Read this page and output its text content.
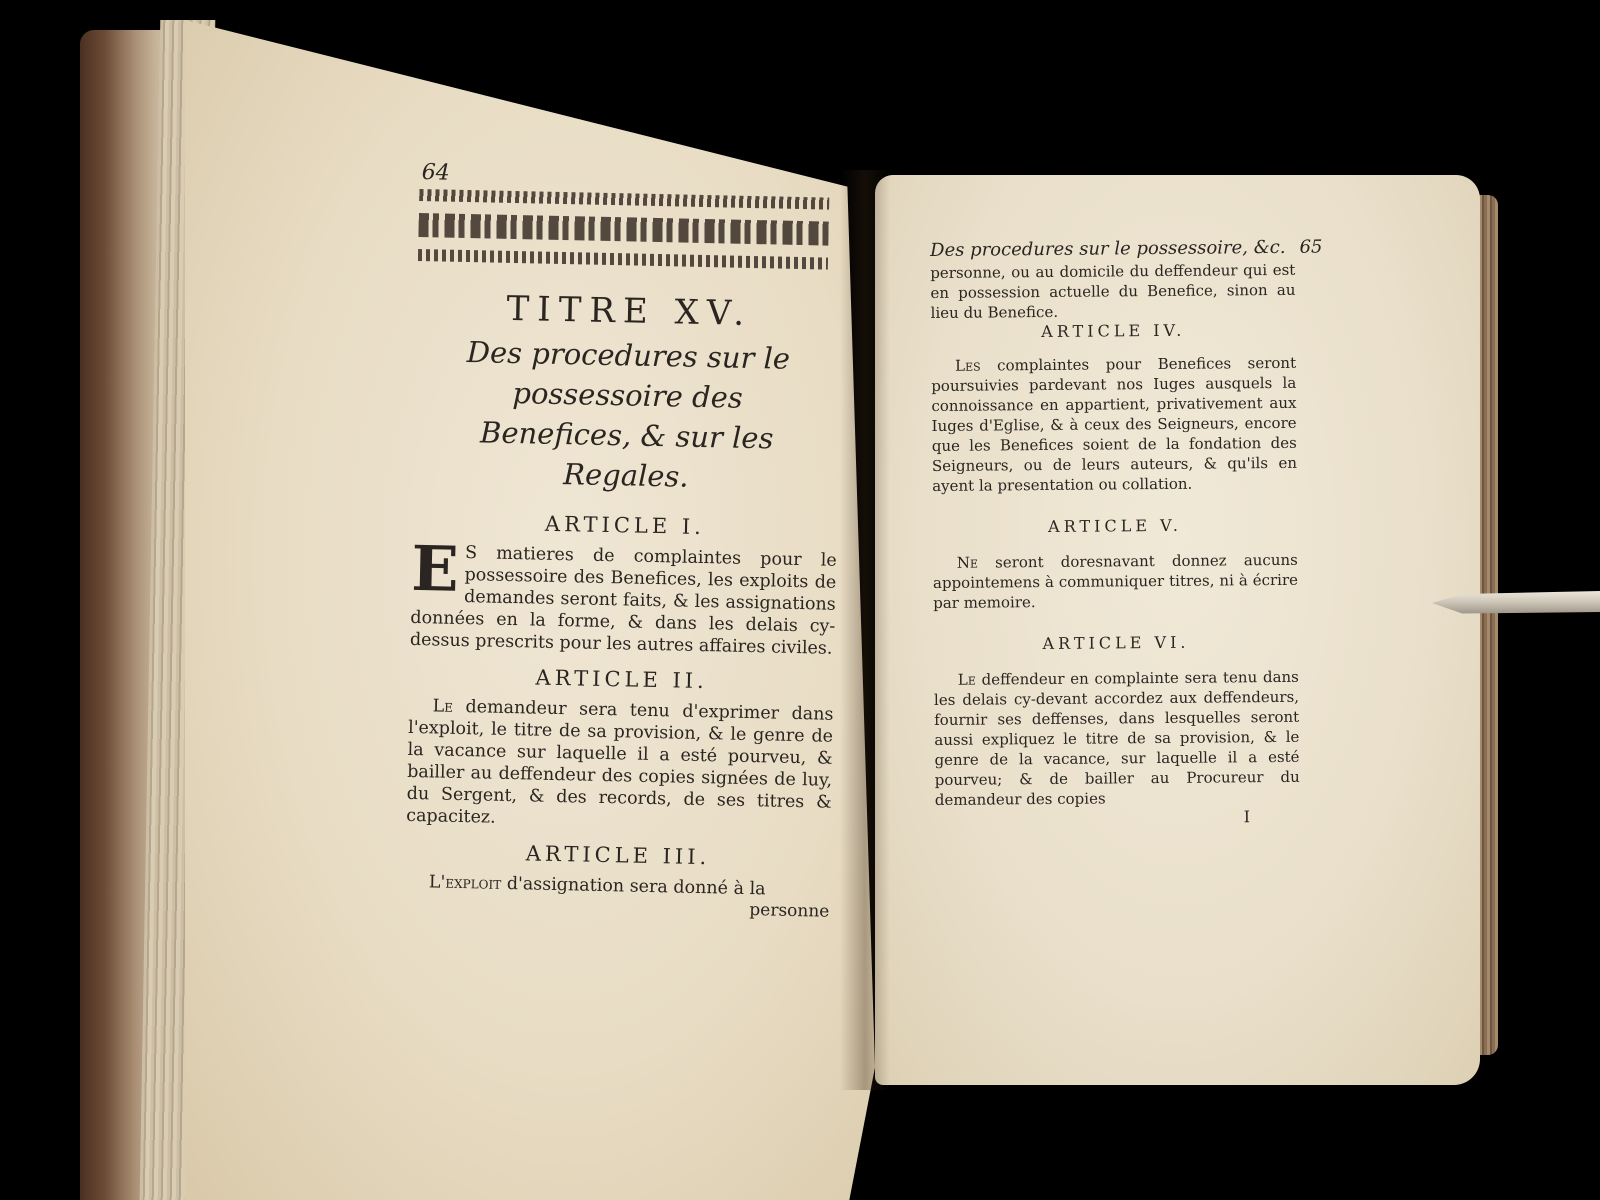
64
TITRE XV.
Des procedures sur le possessoire des
Benefices, & sur les Regales.
ARTICLE I.

E S matieres de complaintes pour le possessoire des Benefices, les exploits de demandes seront faits, & les assignations données en la forme, & dans les delais cy-dessus prescrits pour les autres affaires civiles.

ARTICLE II.

Le demandeur sera tenu d'exprimer dans l'exploit, le titre de sa provision, & le genre de la vacance sur laquelle il a esté pourveu, & bailler au deffendeur des copies signées de luy, du Sergent, & des records, de ses titres & capacitez.

ARTICLE III.

L'exploit d'assignation sera donné à la

personne
Des procedures sur le possessoire, &c. 65

personne, ou au domicile du deffendeur qui est en possession actuelle du Benefice, sinon au lieu du Benefice.

ARTICLE IV.

Les complaintes pour Benefices seront poursuivies pardevant nos Iuges ausquels la connoissance en appartient, privativement aux Iuges d'Eglise, & à ceux des Seigneurs, encore que les Benefices soient de la fondation des Seigneurs, ou de leurs auteurs, & qu'ils en ayent la presentation ou collation.

ARTICLE V.

Ne seront doresnavant donnez aucuns appointemens à communiquer titres, ni à écrire par memoire.

ARTICLE VI.

Le deffendeur en complainte sera tenu dans les delais cy-devant accordez aux deffendeurs, fournir ses deffenses, dans lesquelles seront aussi expliquez le titre de sa provision, & le genre de la vacance, sur laquelle il a esté pourveu; & de bailler au Procureur du demandeur des copies

I
